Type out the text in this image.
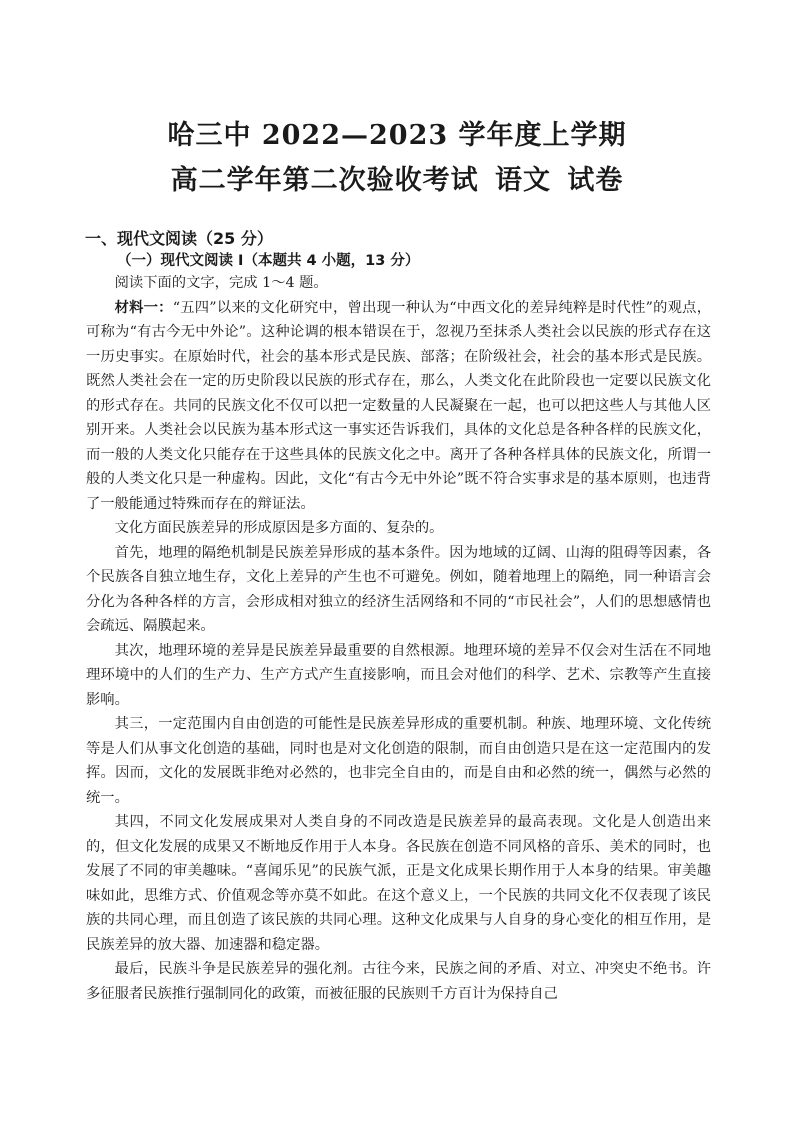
哈三中 2022—2023 学年度上学期
高二学年第二次验收考试 语文 试卷
一、现代文阅读（25 分）
（一）现代文阅读 I（本题共 4 小题，13 分）

阅读下面的文字，完成 1～4 题。

材料一：“五四”以来的文化研究中，曾出现一种认为“中西文化的差异纯粹是时代性”的观点，可称为“有古今无中外论”。这种论调的根本错误在于，忽视乃至抹杀人类社会以民族的形式存在这一历史事实。在原始时代，社会的基本形式是民族、部落；在阶级社会，社会的基本形式是民族。既然人类社会在一定的历史阶段以民族的形式存在，那么，人类文化在此阶段也一定要以民族文化的形式存在。共同的民族文化不仅可以把一定数量的人民凝聚在一起，也可以把这些人与其他人区别开来。人类社会以民族为基本形式这一事实还告诉我们，具体的文化总是各种各样的民族文化，而一般的人类文化只能存在于这些具体的民族文化之中。离开了各种各样具体的民族文化，所谓一般的人类文化只是一种虚构。因此，文化“有古今无中外论”既不符合实事求是的基本原则，也违背了一般能通过特殊而存在的辩证法。

文化方面民族差异的形成原因是多方面的、复杂的。

首先，地理的隔绝机制是民族差异形成的基本条件。因为地域的辽阔、山海的阻碍等因素，各个民族各自独立地生存，文化上差异的产生也不可避免。例如，随着地理上的隔绝，同一种语言会分化为各种各样的方言，会形成相对独立的经济生活网络和不同的“市民社会”，人们的思想感情也会疏远、隔膜起来。

其次，地理环境的差异是民族差异最重要的自然根源。地理环境的差异不仅会对生活在不同地理环境中的人们的生产力、生产方式产生直接影响，而且会对他们的科学、艺术、宗教等产生直接影响。

其三，一定范围内自由创造的可能性是民族差异形成的重要机制。种族、地理环境、文化传统等是人们从事文化创造的基础，同时也是对文化创造的限制，而自由创造只是在这一定范围内的发挥。因而，文化的发展既非绝对必然的，也非完全自由的，而是自由和必然的统一，偶然与必然的统一。

其四，不同文化发展成果对人类自身的不同改造是民族差异的最高表现。文化是人创造出来的，但文化发展的成果又不断地反作用于人本身。各民族在创造不同风格的音乐、美术的同时，也发展了不同的审美趣味。“喜闻乐见”的民族气派，正是文化成果长期作用于人本身的结果。审美趣味如此，思维方式、价值观念等亦莫不如此。在这个意义上，一个民族的共同文化不仅表现了该民族的共同心理，而且创造了该民族的共同心理。这种文化成果与人自身的身心变化的相互作用，是民族差异的放大器、加速器和稳定器。

最后，民族斗争是民族差异的强化剂。古往今来，民族之间的矛盾、对立、冲突史不绝书。许多征服者民族推行强制同化的政策，而被征服的民族则千方百计为保持自己
